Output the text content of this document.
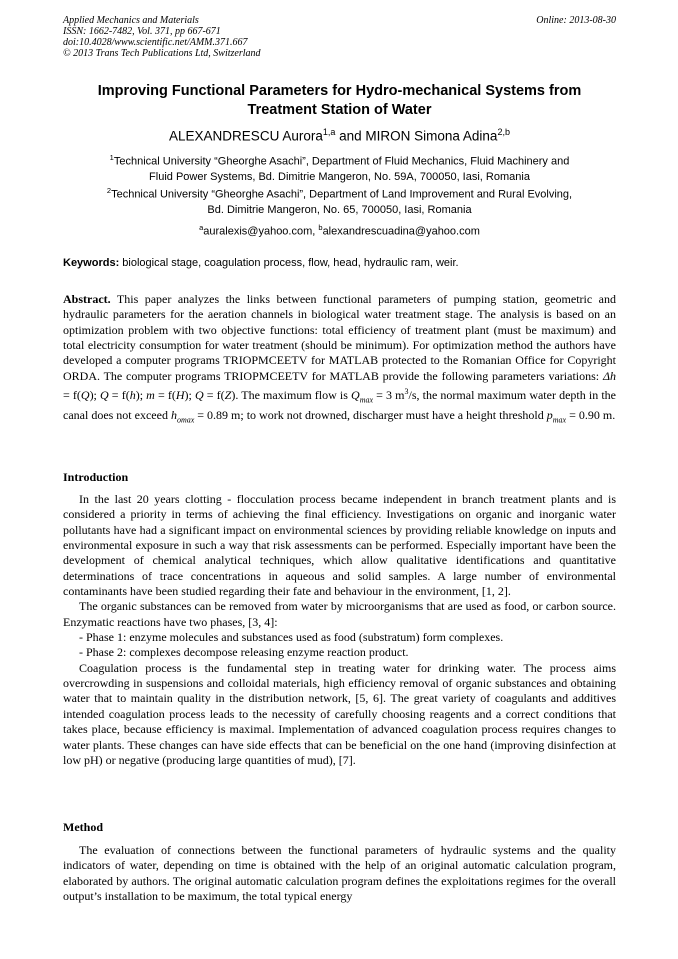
Applied Mechanics and Materials
ISSN: 1662-7482, Vol. 371, pp 667-671
doi:10.4028/www.scientific.net/AMM.371.667
© 2013 Trans Tech Publications Ltd, Switzerland
Online: 2013-08-30
Improving Functional Parameters for Hydro-mechanical Systems from Treatment Station of Water
ALEXANDRESCU Aurora$^{1,a}$ and MIRON Simona Adina$^{2,b}$
$^1$Technical University “Gheorghe Asachi”, Department of Fluid Mechanics, Fluid Machinery and
Fluid Power Systems, Bd. Dimitrie Mangeron, No. 59A, 700050, Iasi, Romania
$^2$Technical University “Gheorghe Asachi”, Department of Land Improvement and Rural Evolving,
Bd. Dimitrie Mangeron, No. 65, 700050, Iasi, Romania
$^a$auralexis@yahoo.com, $^b$alexandrescuadina@yahoo.com
Keywords: biological stage, coagulation process, flow, head, hydraulic ram, weir.
Abstract. This paper analyzes the links between functional parameters of pumping station, geometric and hydraulic parameters for the aeration channels in biological water treatment stage. The analysis is based on an optimization problem with two objective functions: total efficiency of treatment plant (must be maximum) and total electricity consumption for water treatment (should be minimum). For optimization method the authors have developed a computer programs TRIOPMCEETV for MATLAB protected to the Romanian Office for Copyright ORDA. The computer programs TRIOPMCEETV for MATLAB provide the following parameters variations: Δh = f(Q); Q = f(h); m = f(H); Q = f(Z). The maximum flow is $Q_{max} = 3$ $m^3/s$, the normal maximum water depth in the canal does not exceed $h_{omax} = 0.89$ m; to work not drowned, discharger must have a height threshold $p_{max} = 0.90$ m.
Introduction

In the last 20 years clotting - flocculation process became independent in branch treatment plants and is considered a priority in terms of achieving the final efficiency. Investigations on organic and inorganic water pollutants have had a significant impact on environmental sciences by providing reliable knowledge on inputs and environmental exposure in such a way that risk assessments can be performed. Especially important have been the development of chemical analytical techniques, which allow qualitative identifications and quantitative determinations of trace concentrations in aqueous and solid samples. A large number of environmental contaminants have been studied regarding their fate and behaviour in the environment, [1, 2].

The organic substances can be removed from water by microorganisms that are used as food, or carbon source. Enzymatic reactions have two phases, [3, 4]:

- Phase 1: enzyme molecules and substances used as food (substratum) form complexes.

- Phase 2: complexes decompose releasing enzyme reaction product.

Coagulation process is the fundamental step in treating water for drinking water. The process aims overcrowding in suspensions and colloidal materials, high efficiency removal of organic substances and obtaining water that to maintain quality in the distribution network, [5, 6]. The great variety of coagulants and additives intended coagulation process leads to the necessity of carefully choosing reagents and a correct conditions that takes place, because efficiency is maximal. Implementation of advanced coagulation process requires changes to water plants. These changes can have side effects that can be beneficial on the one hand (improving disinfection at low pH) or negative (producing large quantities of mud), [7].

Method

The evaluation of connections between the functional parameters of hydraulic systems and the quality indicators of water, depending on time is obtained with the help of an original automatic calculation program, elaborated by authors. The original automatic calculation program defines the exploitations regimes for the overall output’s installation to be maximum, the total typical energy
